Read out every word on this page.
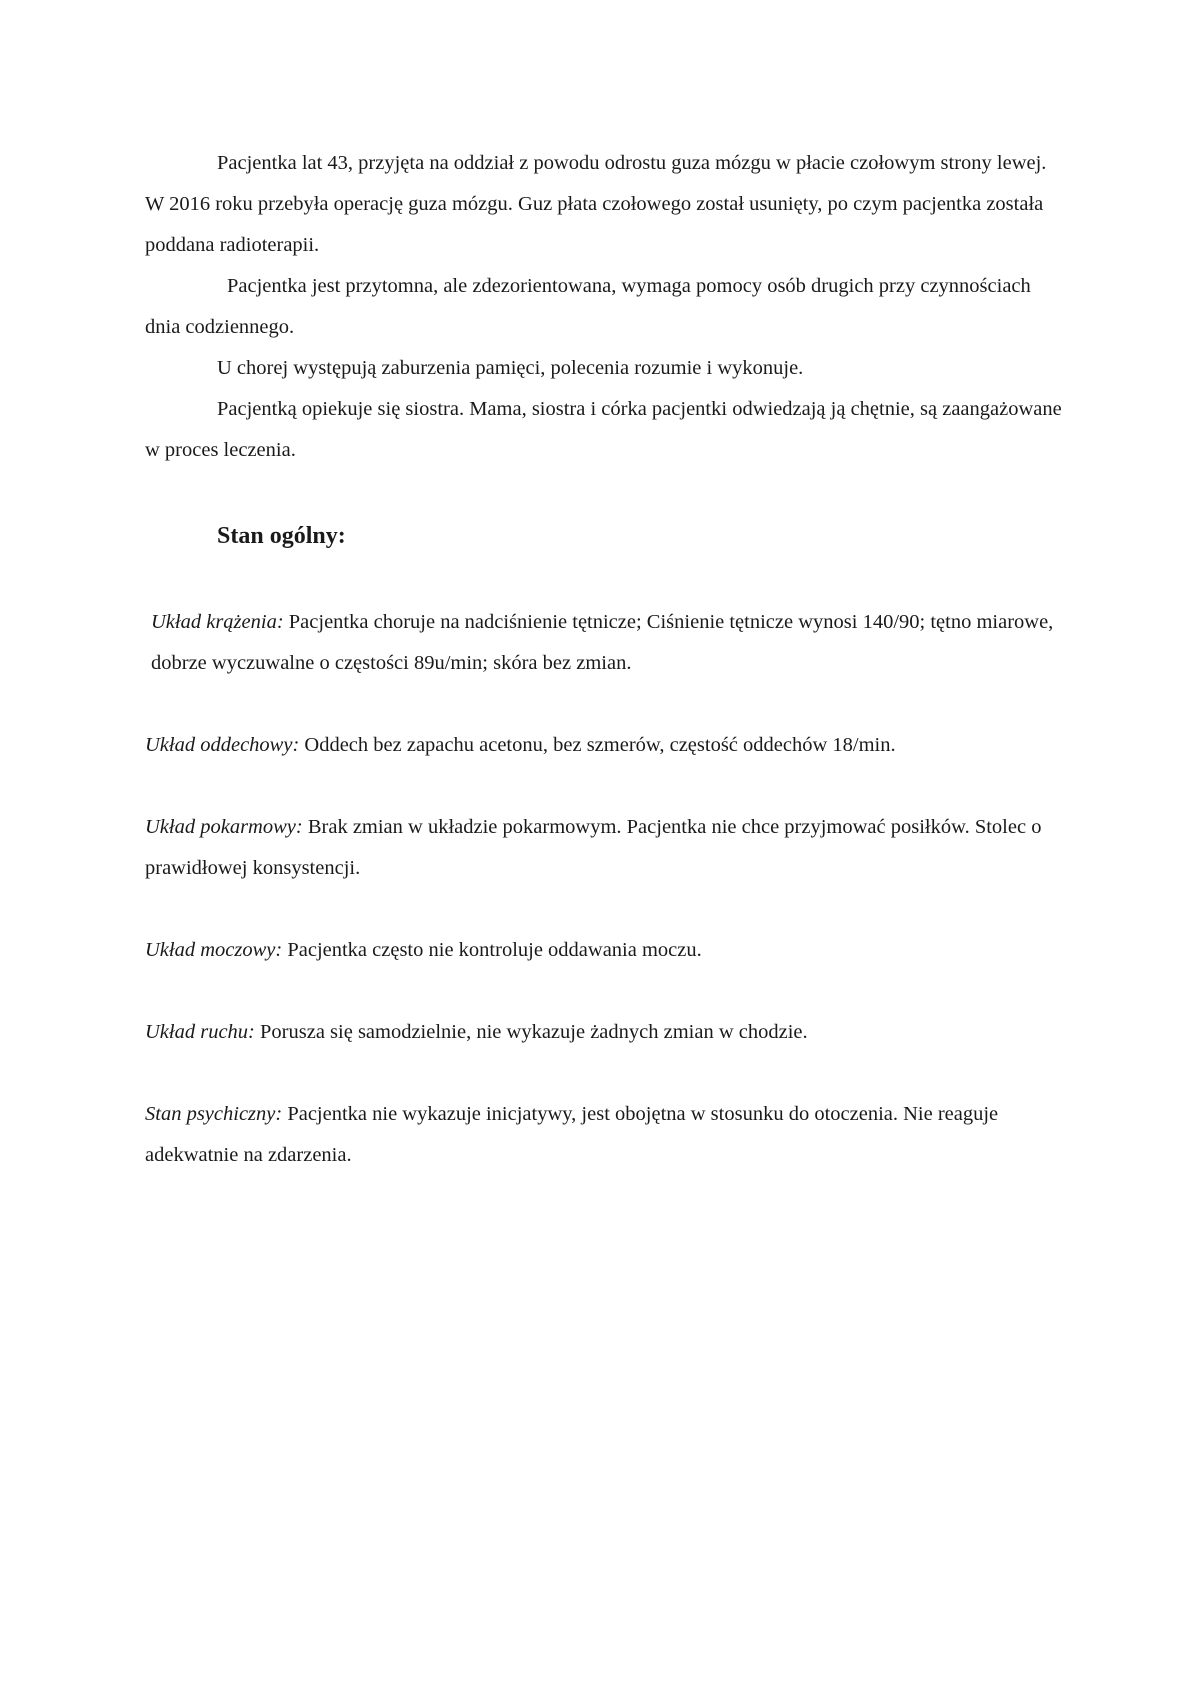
Pacjentka lat 43, przyjęta na oddział z powodu odrostu guza mózgu w płacie czołowym strony lewej. W 2016 roku przebyła operację guza mózgu. Guz płata czołowego został usunięty, po czym pacjentka została poddana radioterapii.

Pacjentka jest przytomna, ale zdezorientowana, wymaga pomocy osób drugich przy czynnościach dnia codziennego.

U chorej występują zaburzenia pamięci, polecenia rozumie i wykonuje.

Pacjentką opiekuje się siostra. Mama, siostra i córka pacjentki odwiedzają ją chętnie, są zaangażowane w proces leczenia.

Stan ogólny:

Układ krążenia: Pacjentka choruje na nadciśnienie tętnicze; Ciśnienie tętnicze wynosi 140/90; tętno miarowe, dobrze wyczuwalne o częstości 89u/min; skóra bez zmian.

Układ oddechowy: Oddech bez zapachu acetonu, bez szmerów, częstość oddechów 18/min.

Układ pokarmowy: Brak zmian w układzie pokarmowym. Pacjentka nie chce przyjmować posiłków. Stolec o prawidłowej konsystencji.

Układ moczowy: Pacjentka często nie kontroluje oddawania moczu.

Układ ruchu: Porusza się samodzielnie, nie wykazuje żadnych zmian w chodzie.

Stan psychiczny: Pacjentka nie wykazuje inicjatywy, jest obojętna w stosunku do otoczenia. Nie reaguje adekwatnie na zdarzenia.
